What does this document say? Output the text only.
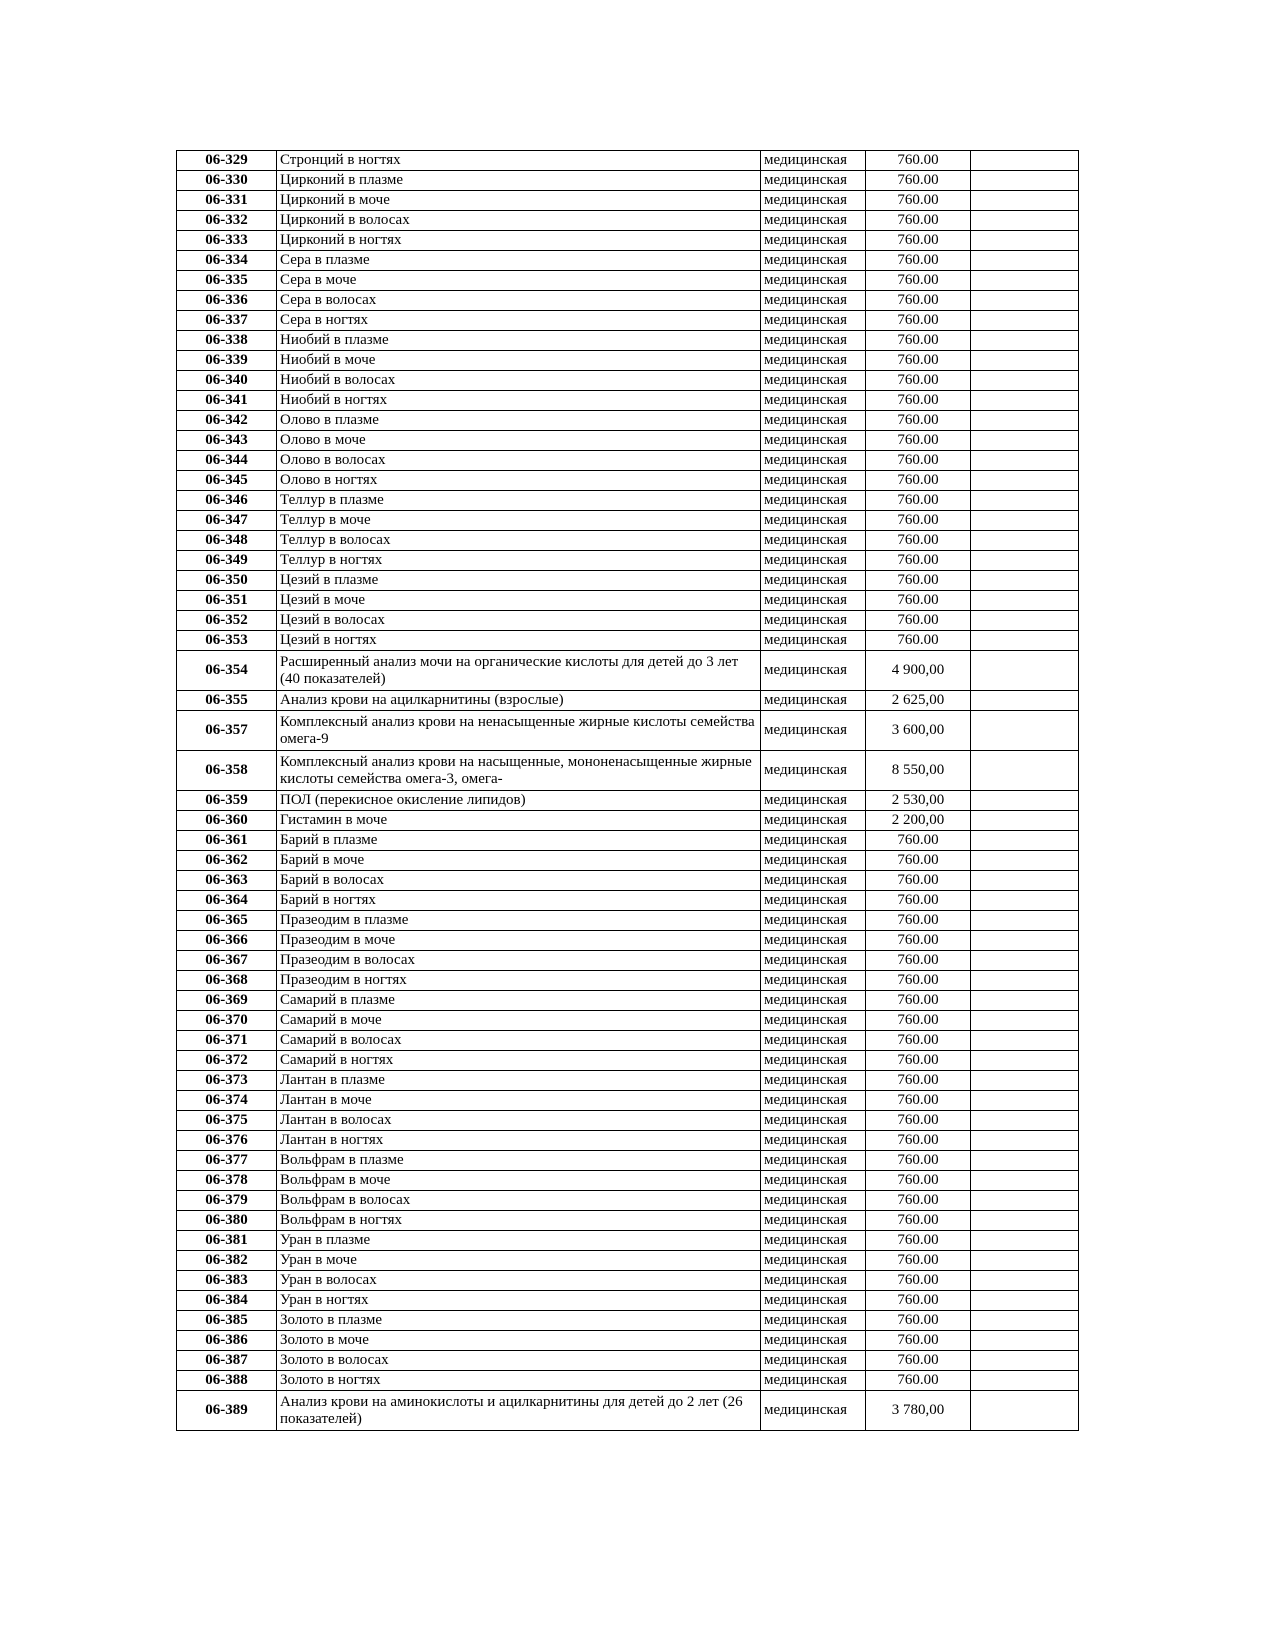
06-329	Стронций в ногтях	медицинская	760.00	
06-330	Цирконий в плазме	медицинская	760.00	
06-331	Цирконий в моче	медицинская	760.00	
06-332	Цирконий в волосах	медицинская	760.00	
06-333	Цирконий в ногтях	медицинская	760.00	
06-334	Сера в плазме	медицинская	760.00	
06-335	Сера в моче	медицинская	760.00	
06-336	Сера в волосах	медицинская	760.00	
06-337	Сера в ногтях	медицинская	760.00	
06-338	Ниобий в плазме	медицинская	760.00	
06-339	Ниобий в моче	медицинская	760.00	
06-340	Ниобий в волосах	медицинская	760.00	
06-341	Ниобий в ногтях	медицинская	760.00	
06-342	Олово в плазме	медицинская	760.00	
06-343	Олово в моче	медицинская	760.00	
06-344	Олово в волосах	медицинская	760.00	
06-345	Олово в ногтях	медицинская	760.00	
06-346	Теллур в плазме	медицинская	760.00	
06-347	Теллур в моче	медицинская	760.00	
06-348	Теллур в волосах	медицинская	760.00	
06-349	Теллур в ногтях	медицинская	760.00	
06-350	Цезий в плазме	медицинская	760.00	
06-351	Цезий в моче	медицинская	760.00	
06-352	Цезий в волосах	медицинская	760.00	
06-353	Цезий в ногтях	медицинская	760.00	
06-354	Расширенный анализ мочи на органические кислоты для детей до 3 лет (40 показателей)	медицинская	4 900,00	
06-355	Анализ крови на ацилкарнитины (взрослые)	медицинская	2 625,00	
06-357	Комплексный анализ крови на ненасыщенные жирные кислоты семейства омега-9	медицинская	3 600,00	
06-358	Комплексный анализ крови на насыщенные, мононенасыщенные жирные кислоты семейства омега-3, омега-	медицинская	8 550,00	
06-359	ПОЛ (перекисное окисление липидов)	медицинская	2 530,00	
06-360	Гистамин в моче	медицинская	2 200,00	
06-361	Барий в плазме	медицинская	760.00	
06-362	Барий в моче	медицинская	760.00	
06-363	Барий в волосах	медицинская	760.00	
06-364	Барий в ногтях	медицинская	760.00	
06-365	Празеодим в плазме	медицинская	760.00	
06-366	Празеодим в моче	медицинская	760.00	
06-367	Празеодим в волосах	медицинская	760.00	
06-368	Празеодим в ногтях	медицинская	760.00	
06-369	Самарий в плазме	медицинская	760.00	
06-370	Самарий в моче	медицинская	760.00	
06-371	Самарий в волосах	медицинская	760.00	
06-372	Самарий в ногтях	медицинская	760.00	
06-373	Лантан в плазме	медицинская	760.00	
06-374	Лантан в моче	медицинская	760.00	
06-375	Лантан в волосах	медицинская	760.00	
06-376	Лантан в ногтях	медицинская	760.00	
06-377	Вольфрам в плазме	медицинская	760.00	
06-378	Вольфрам в моче	медицинская	760.00	
06-379	Вольфрам в волосах	медицинская	760.00	
06-380	Вольфрам в ногтях	медицинская	760.00	
06-381	Уран в плазме	медицинская	760.00	
06-382	Уран в моче	медицинская	760.00	
06-383	Уран в волосах	медицинская	760.00	
06-384	Уран в ногтях	медицинская	760.00	
06-385	Золото в плазме	медицинская	760.00	
06-386	Золото в моче	медицинская	760.00	
06-387	Золото в волосах	медицинская	760.00	
06-388	Золото в ногтях	медицинская	760.00	
06-389	Анализ крови на аминокислоты и ацилкарнитины для детей до 2 лет (26 показателей)	медицинская	3 780,00	
